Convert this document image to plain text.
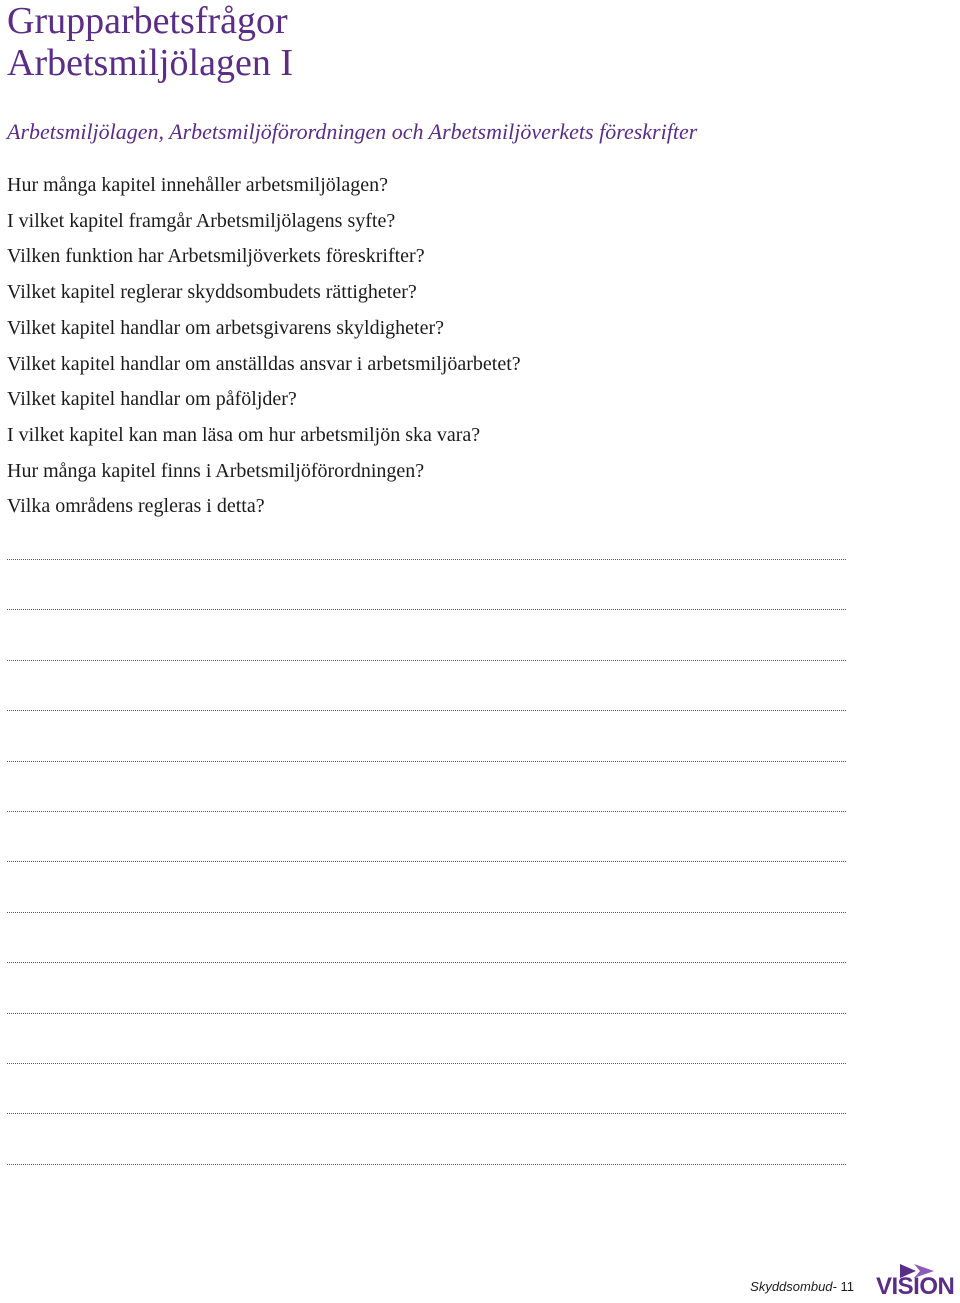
Grupparbetsfrågor
Arbetsmiljölagen I

Arbetsmiljölagen, Arbetsmiljöförordningen och Arbetsmiljöverkets föreskrifter

Hur många kapitel innehåller arbetsmiljölagen?
I vilket kapitel framgår Arbetsmiljölagens syfte?
Vilken funktion har Arbetsmiljöverkets föreskrifter?
Vilket kapitel reglerar skyddsombudets rättigheter?
Vilket kapitel handlar om arbetsgivarens skyldigheter?
Vilket kapitel handlar om anställdas ansvar i arbetsmiljöarbetet?
Vilket kapitel handlar om påföljder?
I vilket kapitel kan man läsa om hur arbetsmiljön ska vara?
Hur många kapitel finns i Arbetsmiljöförordningen?
Vilka områdens regleras i detta?
Skyddsombud- 11 VISION
